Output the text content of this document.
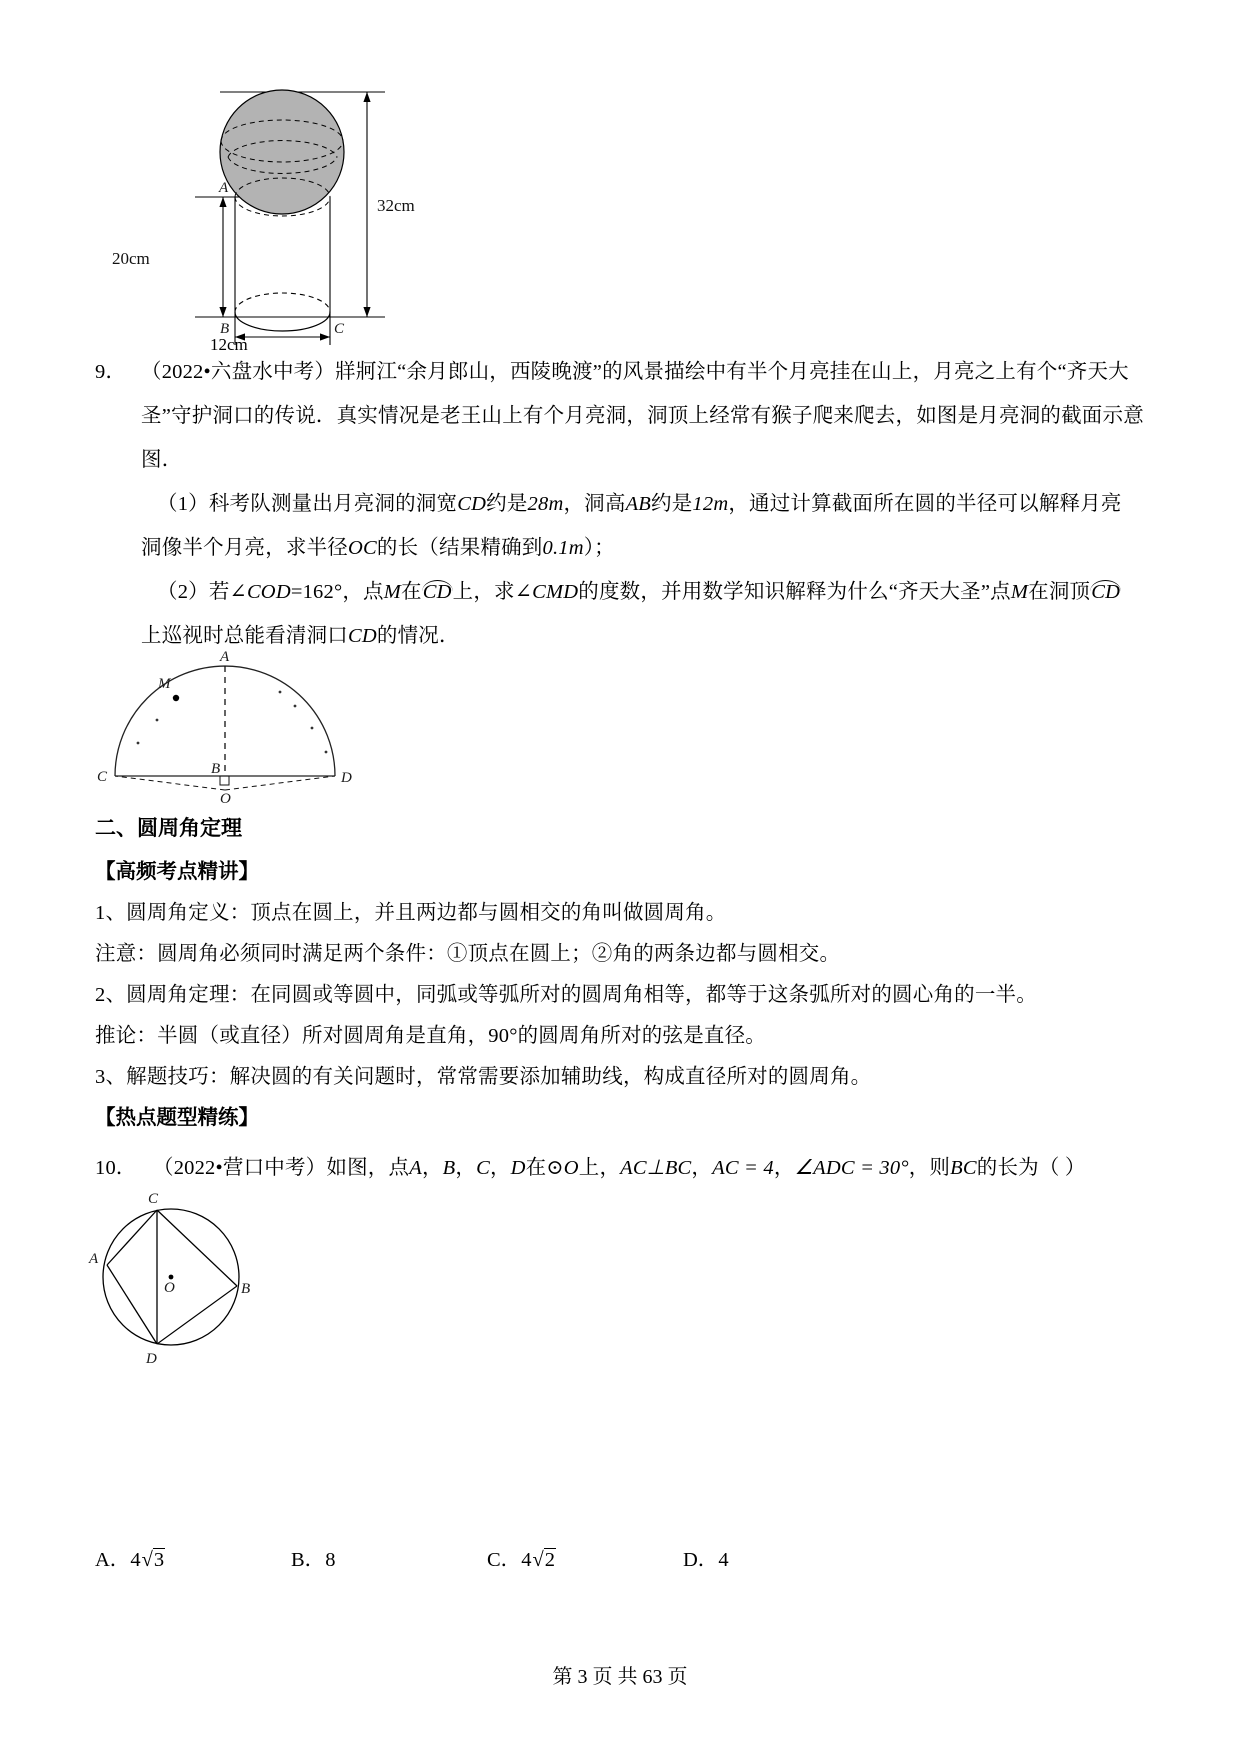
32cm
20cm
A
B	C
12cm
9． （2022•六盘水中考）牂牁江“余月郎山，西陵晚渡”的风景描绘中有半个月亮挂在山上，月亮之上有个“齐天大
圣”守护洞口的传说．真实情况是老王山上有个月亮洞，洞顶上经常有猴子爬来爬去，如图是月亮洞的截面示意
图．
（1）科考队测量出月亮洞的洞宽CD约是28m，洞高AB约是12m，通过计算截面所在圆的半径可以解释月亮
洞像半个月亮，求半径OC的长（结果精确到0.1m）；
（2）若∠COD=162°，点M在CD上，求∠CMD的度数，并用数学知识解释为什么“齐天大圣”点M在洞顶CD
上巡视时总能看清洞口CD的情况．
M
A
B
C	D
O
二、圆周角定理
【高频考点精讲】
1、圆周角定义：顶点在圆上，并且两边都与圆相交的角叫做圆周角。
注意：圆周角必须同时满足两个条件：①顶点在圆上；②角的两条边都与圆相交。
2、圆周角定理：在同圆或等圆中，同弧或等弧所对的圆周角相等，都等于这条弧所对的圆心角的一半。
推论：半圆（或直径）所对圆周角是直角，90°的圆周角所对的弦是直径。
3、解题技巧：解决圆的有关问题时，常常需要添加辅助线，构成直径所对的圆周角。
【热点题型精练】
10． （2022•营口中考）如图，点A，B，C，D在⊙O上，AC⊥BC，AC = 4，∠ADC = 30°，则BC的长为（ ）
C
A
B
D
O
A．4√3	B．8	C．4√2	D．4
第 3 页 共 63 页
